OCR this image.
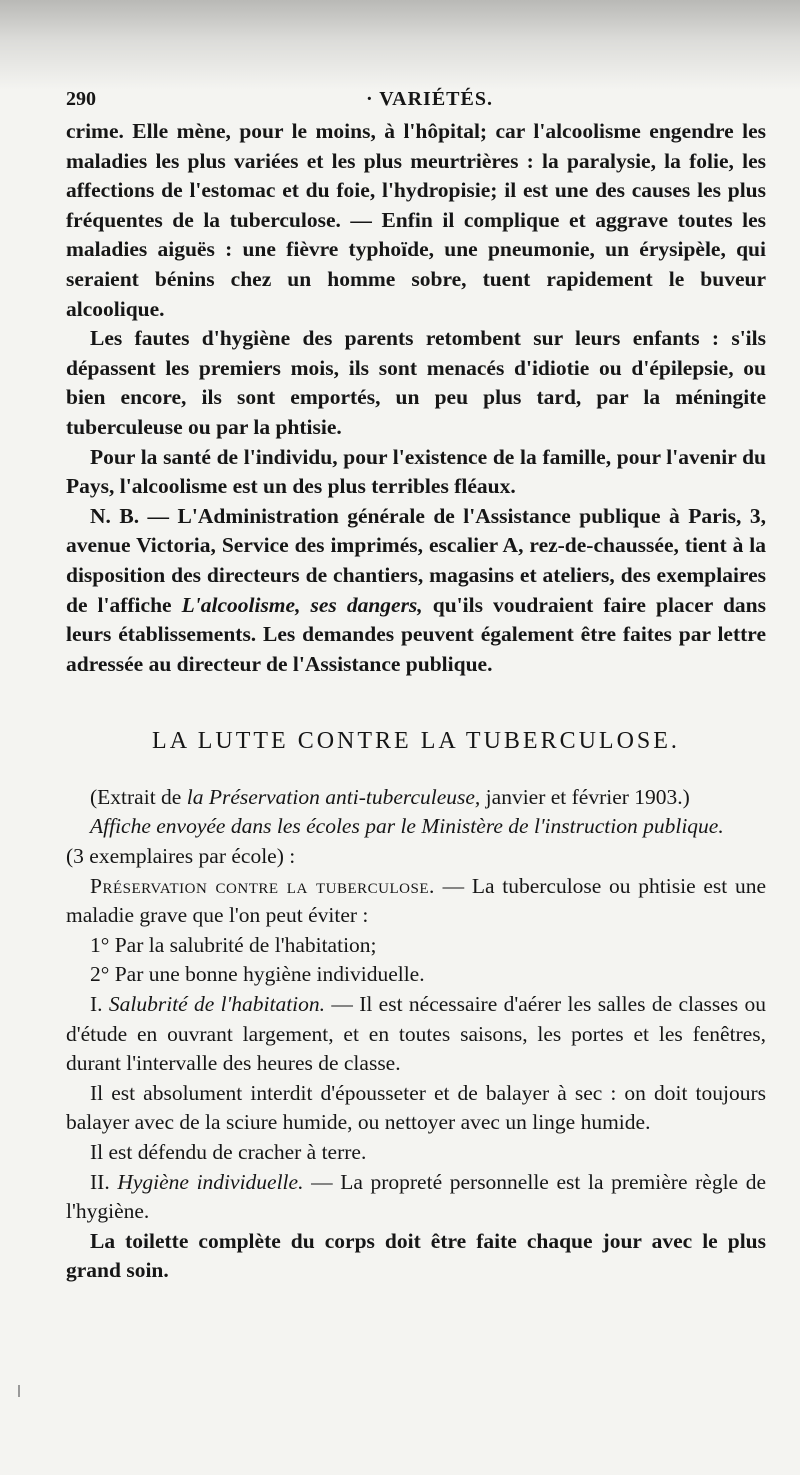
290	· VARIÉTÉS.

crime. Elle mène, pour le moins, à l'hôpital; car l'alcoolisme engendre les maladies les plus variées et les plus meurtrières : la paralysie, la folie, les affections de l'estomac et du foie, l'hydropisie; il est une des causes les plus fréquentes de la tuberculose. — Enfin il complique et aggrave toutes les maladies aiguës : une fièvre typhoïde, une pneumonie, un érysipèle, qui seraient bénins chez un homme sobre, tuent rapidement le buveur alcoolique.

Les fautes d'hygiène des parents retombent sur leurs enfants : s'ils dépassent les premiers mois, ils sont menacés d'idiotie ou d'épilepsie, ou bien encore, ils sont emportés, un peu plus tard, par la méningite tuberculeuse ou par la phtisie.

Pour la santé de l'individu, pour l'existence de la famille, pour l'avenir du Pays, l'alcoolisme est un des plus terribles fléaux.

N. B. — L'Administration générale de l'Assistance publique à Paris, 3, avenue Victoria, Service des imprimés, escalier A, rez-de-chaussée, tient à la disposition des directeurs de chantiers, magasins et ateliers, des exemplaires de l'affiche L'alcoolisme, ses dangers, qu'ils voudraient faire placer dans leurs établissements. Les demandes peuvent également être faites par lettre adressée au directeur de l'Assistance publique.

LA LUTTE CONTRE LA TUBERCULOSE.

(Extrait de la Préservation anti-tuberculeuse, janvier et février 1903.)

Affiche envoyée dans les écoles par le Ministère de l'instruction publique.

(3 exemplaires par école) :

Préservation contre la tuberculose. — La tuberculose ou phtisie est une maladie grave que l'on peut éviter :

1° Par la salubrité de l'habitation;

2° Par une bonne hygiène individuelle.

I. Salubrité de l'habitation. — Il est nécessaire d'aérer les salles de classes ou d'étude en ouvrant largement, et en toutes saisons, les portes et les fenêtres, durant l'intervalle des heures de classe.

Il est absolument interdit d'épousseter et de balayer à sec : on doit toujours balayer avec de la sciure humide, ou nettoyer avec un linge humide.

Il est défendu de cracher à terre.

II. Hygiène individuelle. — La propreté personnelle est la première règle de l'hygiène.

La toilette complète du corps doit être faite chaque jour avec le plus grand soin.
